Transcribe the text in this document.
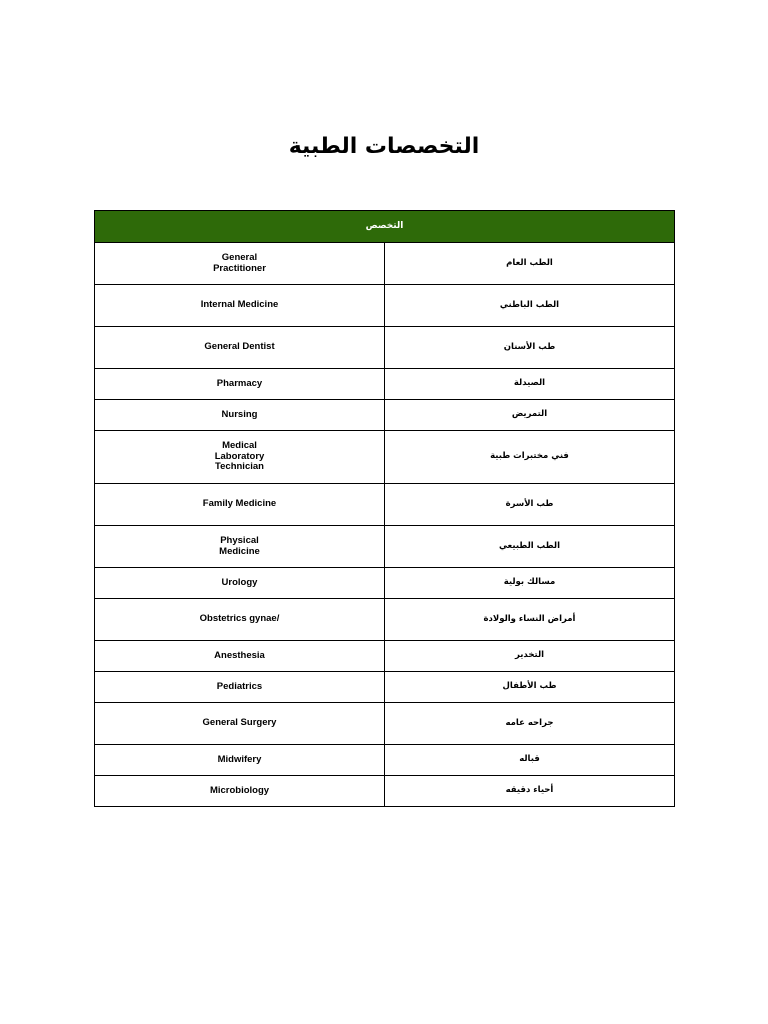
التخصصات الطبية
التخصص	
General Practitioner	الطب العام
Internal Medicine	الطب الباطني
General Dentist	طب الأسنان
Pharmacy	الصيدلة
Nursing	التمريض
Medical Laboratory Technician	فني مختبرات طبية
Family Medicine	طب الأسرة
Physical Medicine	الطب الطبيعي
Urology	مسالك بولية
Obstetrics gynae/	أمراض النساء والولادة
Anesthesia	التخدير
Pediatrics	طب الأطفال
General Surgery	جراحه عامه
Midwifery	قباله
Microbiology	أحياء دقيقه
